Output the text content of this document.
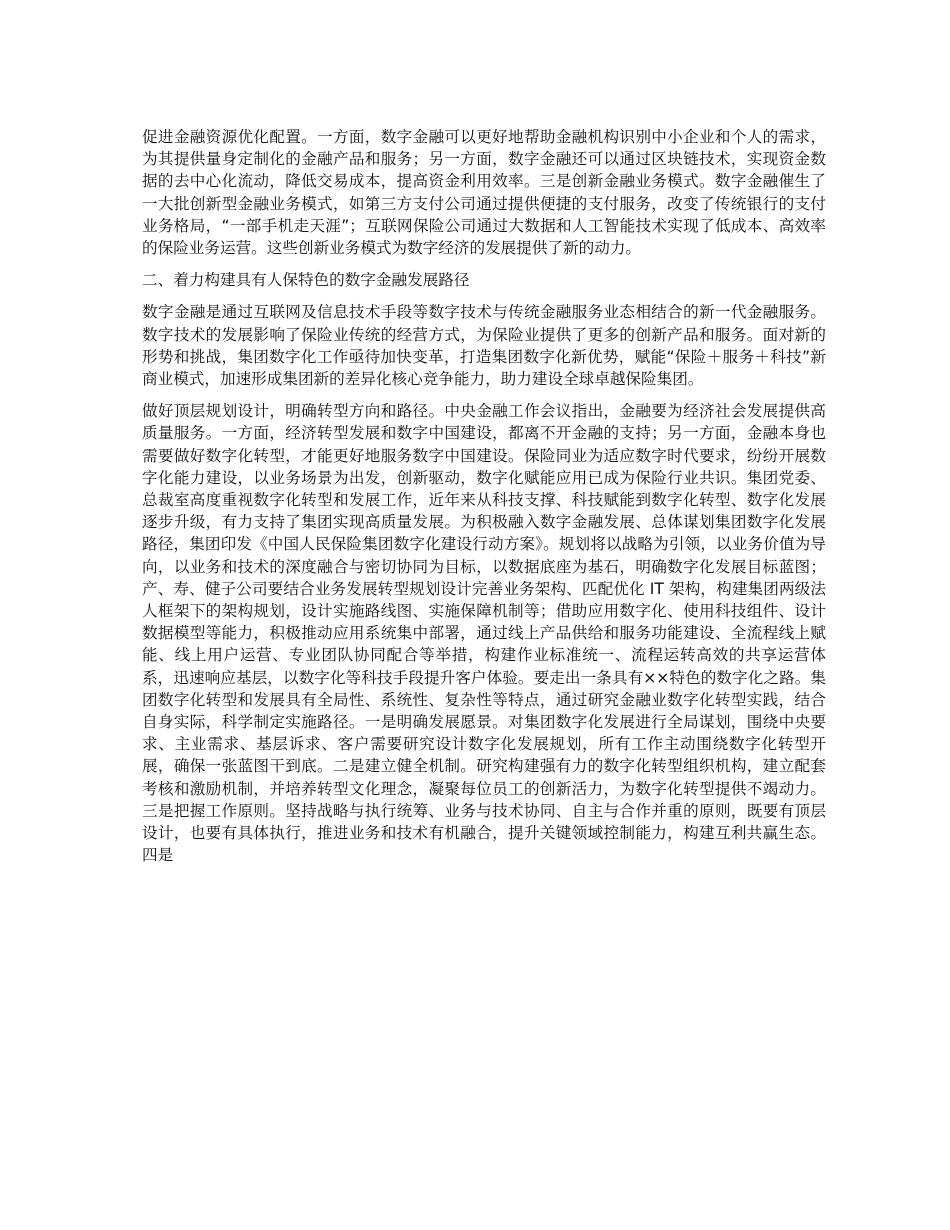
促进金融资源优化配置。一方面，数字金融可以更好地帮助金融机构识别中小企业和个人的需求，为其提供量身定制化的金融产品和服务；另一方面，数字金融还可以通过区块链技术，实现资金数据的去中心化流动，降低交易成本，提高资金利用效率。三是创新金融业务模式。数字金融催生了一大批创新型金融业务模式，如第三方支付公司通过提供便捷的支付服务，改变了传统银行的支付业务格局，“一部手机走天涯”；互联网保险公司通过大数据和人工智能技术实现了低成本、高效率的保险业务运营。这些创新业务模式为数字经济的发展提供了新的动力。

二、着力构建具有人保特色的数字金融发展路径

数字金融是通过互联网及信息技术手段等数字技术与传统金融服务业态相结合的新一代金融服务。数字技术的发展影响了保险业传统的经营方式，为保险业提供了更多的创新产品和服务。面对新的形势和挑战，集团数字化工作亟待加快变革，打造集团数字化新优势，赋能“保险＋服务＋科技”新商业模式，加速形成集团新的差异化核心竞争能力，助力建设全球卓越保险集团。

做好顶层规划设计，明确转型方向和路径。中央金融工作会议指出，金融要为经济社会发展提供高质量服务。一方面，经济转型发展和数字中国建设，都离不开金融的支持；另一方面，金融本身也需要做好数字化转型，才能更好地服务数字中国建设。保险同业为适应数字时代要求，纷纷开展数字化能力建设，以业务场景为出发，创新驱动，数字化赋能应用已成为保险行业共识。集团党委、总裁室高度重视数字化转型和发展工作，近年来从科技支撑、科技赋能到数字化转型、数字化发展逐步升级，有力支持了集团实现高质量发展。为积极融入数字金融发展、总体谋划集团数字化发展路径，集团印发《中国人民保险集团数字化建设行动方案》。规划将以战略为引领，以业务价值为导向，以业务和技术的深度融合与密切协同为目标，以数据底座为基石，明确数字化发展目标蓝图；产、寿、健子公司要结合业务发展转型规划设计完善业务架构、匹配优化 IT 架构，构建集团两级法人框架下的架构规划，设计实施路线图、实施保障机制等；借助应用数字化、使用科技组件、设计数据模型等能力，积极推动应用系统集中部署，通过线上产品供给和服务功能建设、全流程线上赋能、线上用户运营、专业团队协同配合等举措，构建作业标准统一、流程运转高效的共享运营体系，迅速响应基层，以数字化等科技手段提升客户体验。要走出一条具有××特色的数字化之路。集团数字化转型和发展具有全局性、系统性、复杂性等特点，通过研究金融业数字化转型实践，结合自身实际，科学制定实施路径。一是明确发展愿景。对集团数字化发展进行全局谋划，围绕中央要求、主业需求、基层诉求、客户需要研究设计数字化发展规划，所有工作主动围绕数字化转型开展，确保一张蓝图干到底。二是建立健全机制。研究构建强有力的数字化转型组织机构，建立配套考核和激励机制，并培养转型文化理念，凝聚每位员工的创新活力，为数字化转型提供不竭动力。三是把握工作原则。坚持战略与执行统筹、业务与技术协同、自主与合作并重的原则，既要有顶层设计，也要有具体执行，推进业务和技术有机融合，提升关键领域控制能力，构建互利共赢生态。四是
